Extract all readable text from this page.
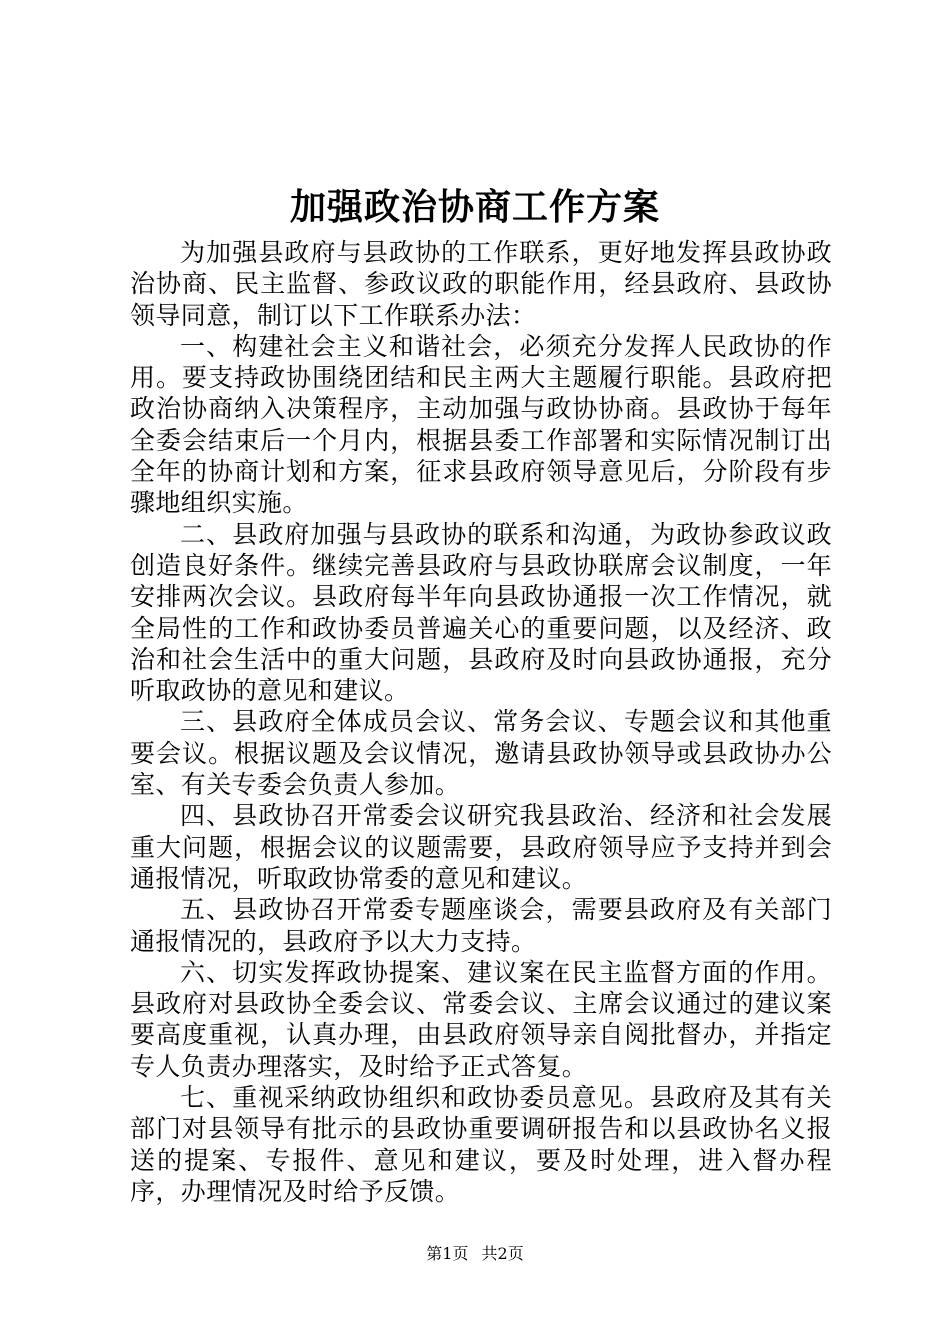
加强政治协商工作方案

为加强县政府与县政协的工作联系，更好地发挥县政协政治协商、民主监督、参政议政的职能作用，经县政府、县政协领导同意，制订以下工作联系办法：

一、构建社会主义和谐社会，必须充分发挥人民政协的作用。要支持政协围绕团结和民主两大主题履行职能。县政府把政治协商纳入决策程序，主动加强与政协协商。县政协于每年全委会结束后一个月内，根据县委工作部署和实际情况制订出全年的协商计划和方案，征求县政府领导意见后，分阶段有步骤地组织实施。

二、县政府加强与县政协的联系和沟通，为政协参政议政创造良好条件。继续完善县政府与县政协联席会议制度，一年安排两次会议。县政府每半年向县政协通报一次工作情况，就全局性的工作和政协委员普遍关心的重要问题，以及经济、政治和社会生活中的重大问题，县政府及时向县政协通报，充分听取政协的意见和建议。

三、县政府全体成员会议、常务会议、专题会议和其他重要会议。根据议题及会议情况，邀请县政协领导或县政协办公室、有关专委会负责人参加。

四、县政协召开常委会议研究我县政治、经济和社会发展重大问题，根据会议的议题需要，县政府领导应予支持并到会通报情况，听取政协常委的意见和建议。

五、县政协召开常委专题座谈会，需要县政府及有关部门通报情况的，县政府予以大力支持。

六、切实发挥政协提案、建议案在民主监督方面的作用。县政府对县政协全委会议、常委会议、主席会议通过的建议案要高度重视，认真办理，由县政府领导亲自阅批督办，并指定专人负责办理落实，及时给予正式答复。

七、重视采纳政协组织和政协委员意见。县政府及其有关部门对县领导有批示的县政协重要调研报告和以县政协名义报送的提案、专报件、意见和建议，要及时处理，进入督办程序，办理情况及时给予反馈。

第1页 共2页
